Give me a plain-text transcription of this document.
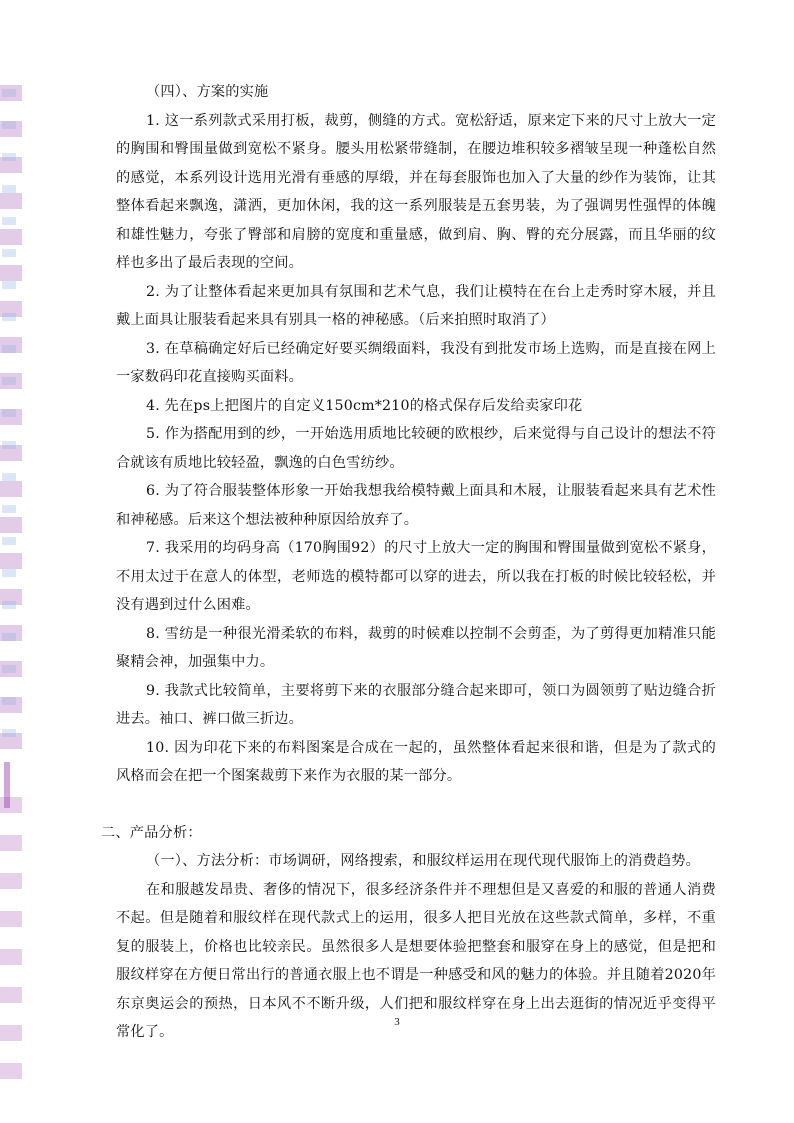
（四）、方案的实施

1. 这一系列款式采用打板，裁剪，侧缝的方式。宽松舒适，原来定下来的尺寸上放大一定的胸围和臀围量做到宽松不紧身。腰头用松紧带缝制，在腰边堆积较多褶皱呈现一种蓬松自然的感觉，本系列设计选用光滑有垂感的厚缎，并在每套服饰也加入了大量的纱作为装饰，让其整体看起来飘逸，潇洒，更加休闲，我的这一系列服装是五套男装，为了强调男性强悍的体魄和雄性魅力，夸张了臀部和肩膀的宽度和重量感，做到肩、胸、臀的充分展露，而且华丽的纹样也多出了最后表现的空间。

2. 为了让整体看起来更加具有氛围和艺术气息，我们让模特在在台上走秀时穿木屐，并且戴上面具让服装看起来具有别具一格的神秘感。（后来拍照时取消了）

3. 在草稿确定好后已经确定好要买绸缎面料，我没有到批发市场上选购，而是直接在网上一家数码印花直接购买面料。

4. 先在ps上把图片的自定义150cm*210的格式保存后发给卖家印花

5. 作为搭配用到的纱，一开始选用质地比较硬的欧根纱，后来觉得与自己设计的想法不符合就该有质地比较轻盈，飘逸的白色雪纺纱。

6. 为了符合服装整体形象一开始我想我给模特戴上面具和木屐，让服装看起来具有艺术性和神秘感。后来这个想法被种种原因给放弃了。

7. 我采用的均码身高（170胸围92）的尺寸上放大一定的胸围和臀围量做到宽松不紧身，不用太过于在意人的体型，老师选的模特都可以穿的进去，所以我在打板的时候比较轻松，并没有遇到过什么困难。

8. 雪纺是一种很光滑柔软的布料，裁剪的时候难以控制不会剪歪，为了剪得更加精准只能聚精会神，加强集中力。

9. 我款式比较简单，主要将剪下来的衣服部分缝合起来即可，领口为圆领剪了贴边缝合折进去。袖口、裤口做三折边。

10. 因为印花下来的布料图案是合成在一起的，虽然整体看起来很和谐，但是为了款式的风格而会在把一个图案裁剪下来作为衣服的某一部分。

二、产品分析：

（一）、方法分析：市场调研，网络搜索，和服纹样运用在现代现代服饰上的消费趋势。

在和服越发昂贵、奢侈的情况下，很多经济条件并不理想但是又喜爱的和服的普通人消费不起。但是随着和服纹样在现代款式上的运用，很多人把目光放在这些款式简单，多样，不重复的服装上，价格也比较亲民。虽然很多人是想要体验把整套和服穿在身上的感觉，但是把和服纹样穿在方便日常出行的普通衣服上也不谓是一种感受和风的魅力的体验。并且随着2020年东京奥运会的预热，日本风不不断升级，人们把和服纹样穿在身上出去逛街的情况近乎变得平常化了。

3
